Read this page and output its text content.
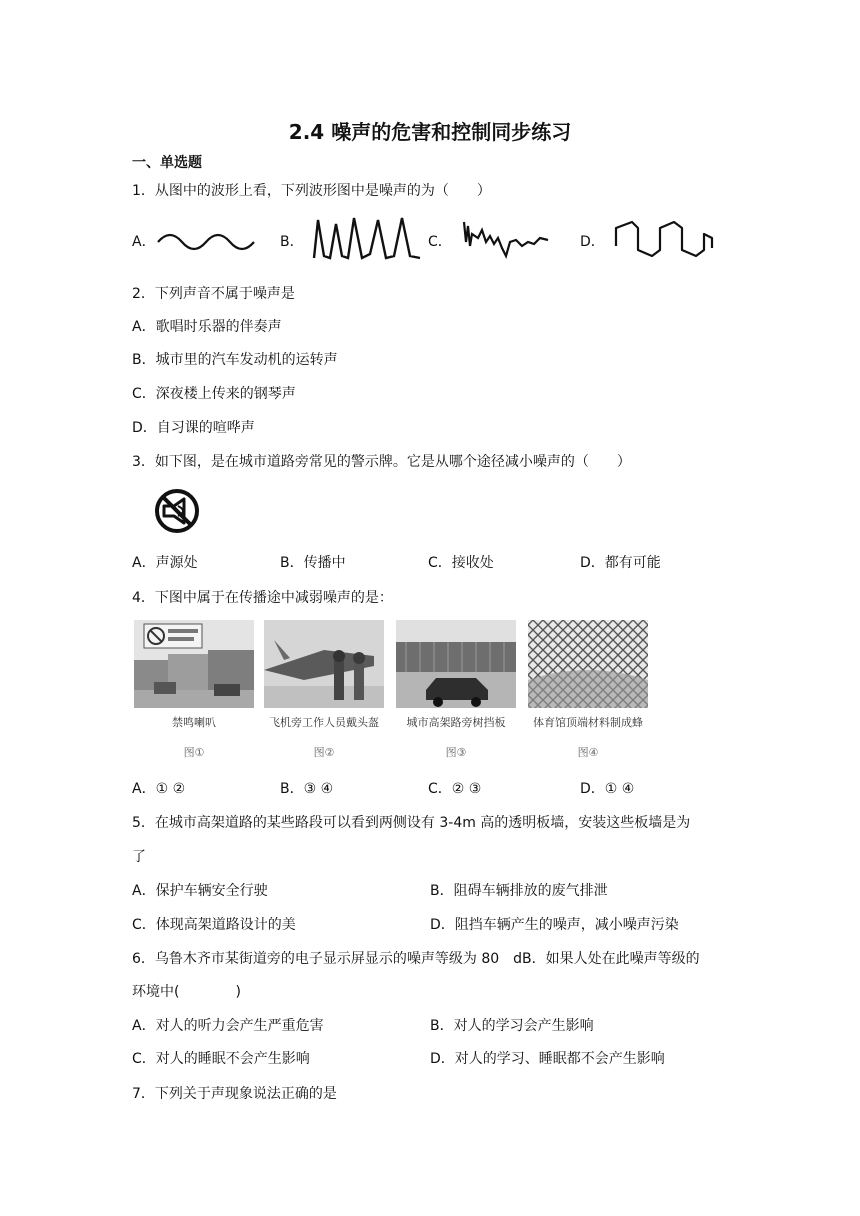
2.4 噪声的危害和控制同步练习
一、单选题
1．从图中的波形上看，下列波形图中是噪声的为（　　）
A．	B．	C．	D．
2．下列声音不属于噪声是
A．歌唱时乐器的伴奏声
B．城市里的汽车发动机的运转声
C．深夜楼上传来的钢琴声
D．自习课的喧哗声
3．如下图，是在城市道路旁常见的警示牌。它是从哪个途径减小噪声的（　　）
A．声源处	B．传播中	C．接收处	D．都有可能
4．下图中属于在传播途中减弱噪声的是：
禁鸣喇叭
图①
飞机旁工作人员戴头盔
图②
城市高架路旁树挡板
图③
体育馆顶端材料制成蜂
图④
A．① ②	B．③ ④	C．② ③	D．① ④
5．在城市高架道路的某些路段可以看到两侧设有 3-4m 高的透明板墙，安装这些板墙是为
了
A．保护车辆安全行驶	B．阻碍车辆排放的废气排泄
C．体现高架道路设计的美	D．阻挡车辆产生的噪声，减小噪声污染
6．乌鲁木齐市某街道旁的电子显示屏显示的噪声等级为 80　dB．如果人处在此噪声等级的
环境中(　　　　)
A．对人的听力会产生严重危害	B．对人的学习会产生影响
C．对人的睡眠不会产生影响	D．对人的学习、睡眠都不会产生影响
7．下列关于声现象说法正确的是
